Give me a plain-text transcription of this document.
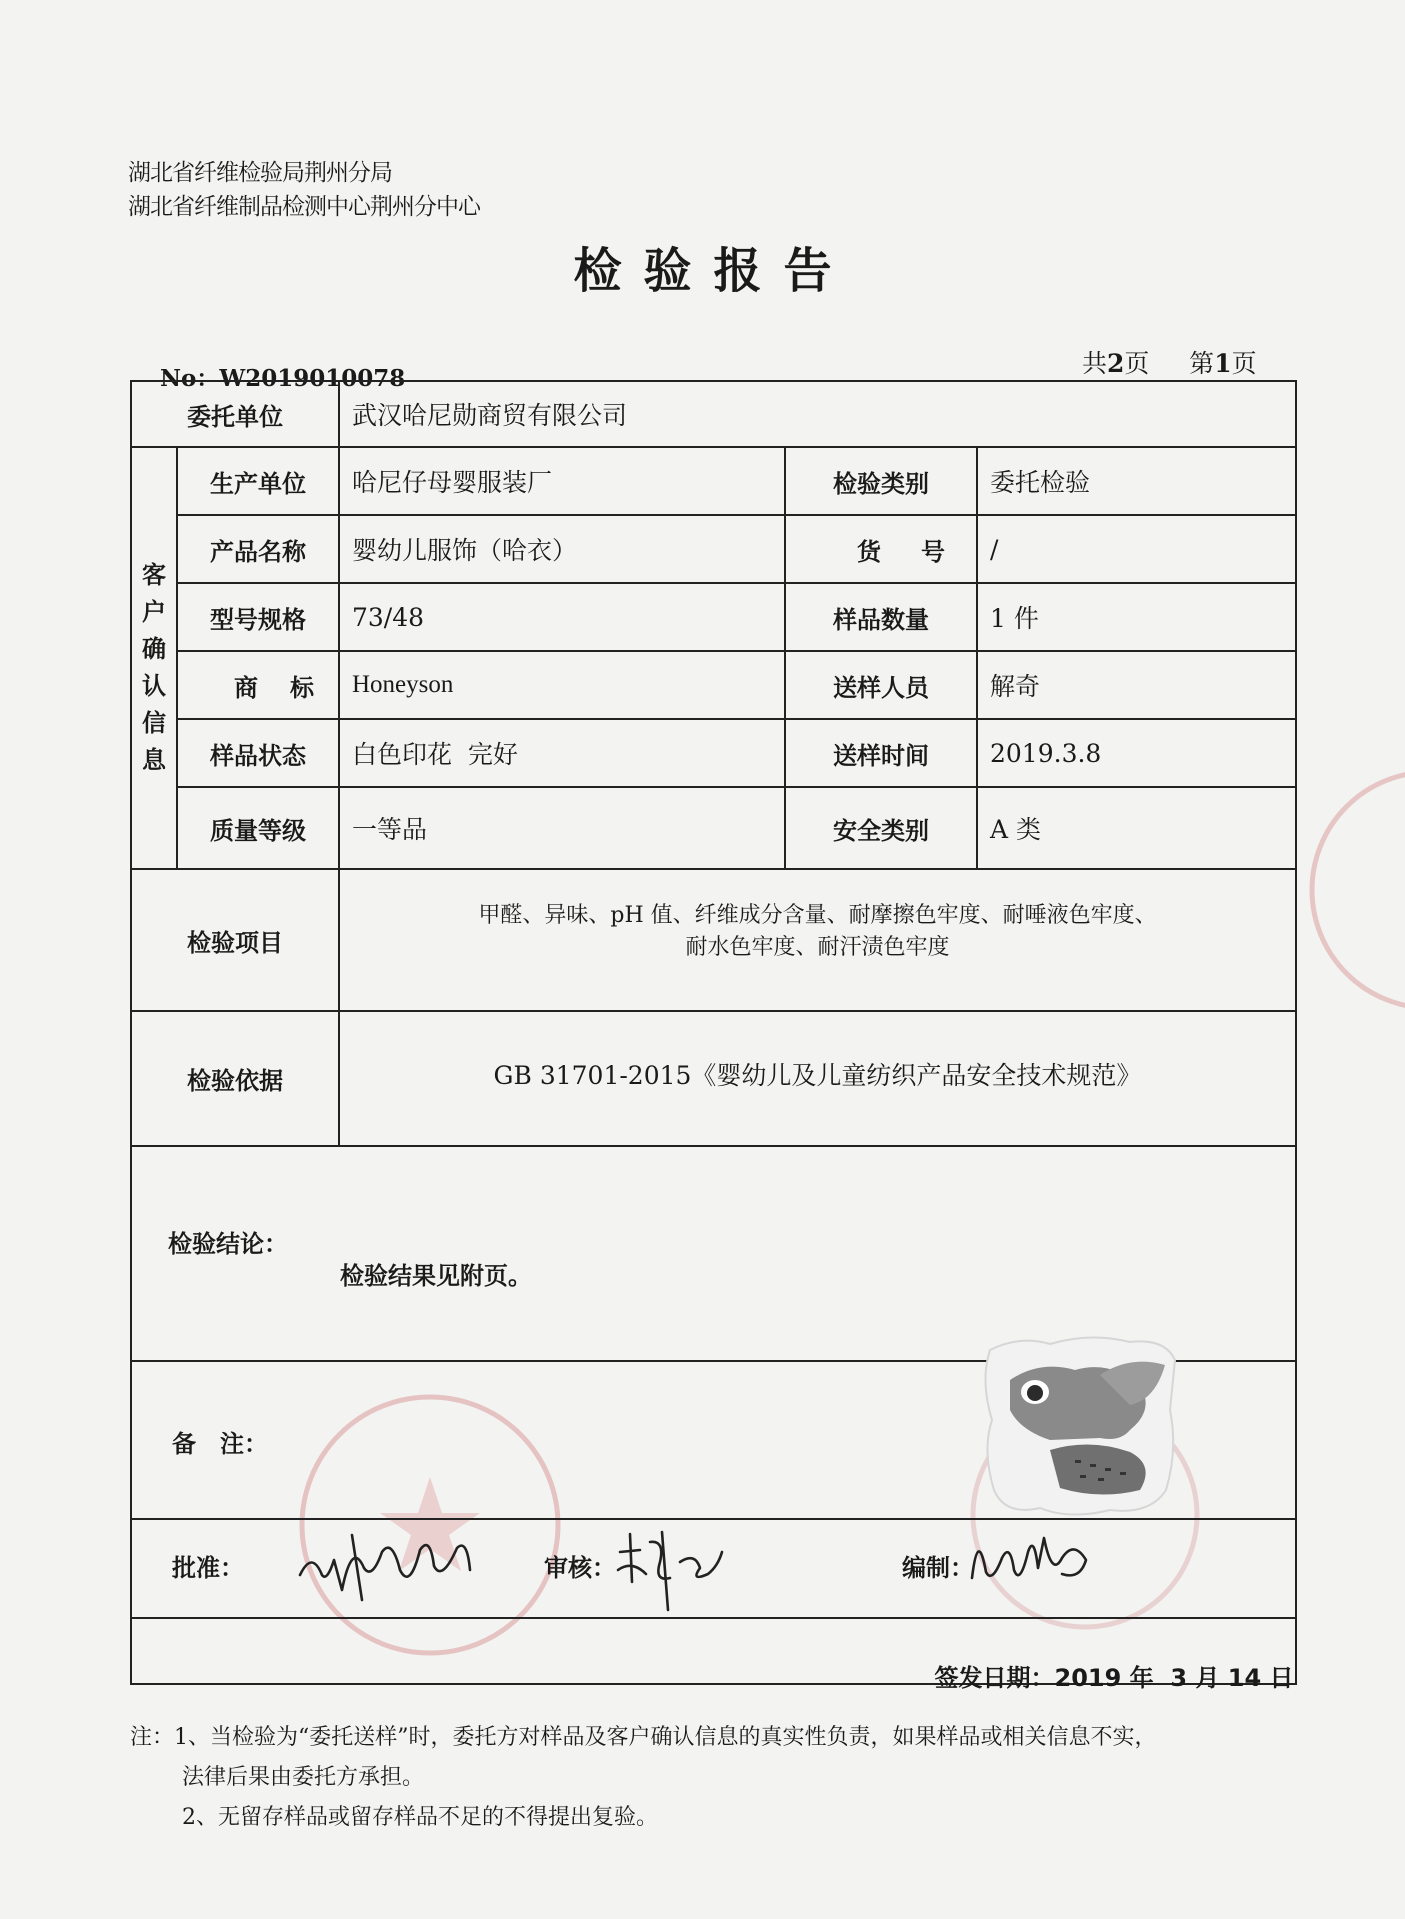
湖北省纤维检验局荆州分局
湖北省纤维制品检测中心荆州分中心
检验报告
No：W2019010078
共2页 第1页
委托单位	武汉哈尼勋商贸有限公司
客
户
确
认
信
息
生产单位	哈尼仔母婴服装厂	检验类别	委托检验
产品名称	婴幼儿服饰（哈衣）	货号 /
型号规格	73/48	样品数量	1 件
商标 Honeyson	送样人员	解奇
样品状态	白色印花  完好	送样时间	2019.3.8
质量等级	一等品	安全类别	A 类
检验项目
甲醛、异味、pH 值、纤维成分含量、耐摩擦色牢度、耐唾液色牢度、
耐水色牢度、耐汗渍色牢度
检验依据	GB 31701-2015《婴幼儿及儿童纺织产品安全技术规范》
检验结论：
检验结果见附页。
备　注：
批准：	审核：	编制：

签发日期：2019 年  3 月 14 日

注：1、当检验为“委托送样”时，委托方对样品及客户确认信息的真实性负责，如果样品或相关信息不实，
法律后果由委托方承担。
2、无留存样品或留存样品不足的不得提出复验。
